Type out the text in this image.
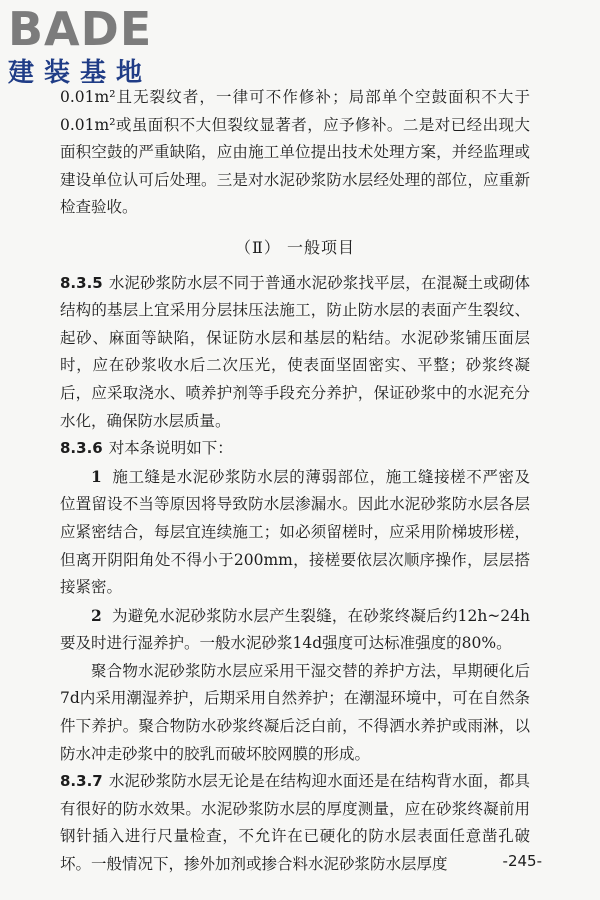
BADE
建装基地

0.01m²且无裂纹者，一律可不作修补；局部单个空鼓面积不大于0.01m²或虽面积不大但裂纹显著者，应予修补。二是对已经出现大面积空鼓的严重缺陷，应由施工单位提出技术处理方案，并经监理或建设单位认可后处理。三是对水泥砂浆防水层经处理的部位，应重新检查验收。

（Ⅱ） 一般项目

8.3.5 水泥砂浆防水层不同于普通水泥砂浆找平层，在混凝土或砌体结构的基层上宜采用分层抹压法施工，防止防水层的表面产生裂纹、起砂、麻面等缺陷，保证防水层和基层的粘结。水泥砂浆铺压面层时，应在砂浆收水后二次压光，使表面坚固密实、平整；砂浆终凝后，应采取浇水、喷养护剂等手段充分养护，保证砂浆中的水泥充分水化，确保防水层质量。

8.3.6 对本条说明如下：

1 施工缝是水泥砂浆防水层的薄弱部位，施工缝接槎不严密及位置留设不当等原因将导致防水层渗漏水。因此水泥砂浆防水层各层应紧密结合，每层宜连续施工；如必须留槎时，应采用阶梯坡形槎，但离开阴阳角处不得小于200mm，接槎要依层次顺序操作，层层搭接紧密。

2 为避免水泥砂浆防水层产生裂缝，在砂浆终凝后约12h~24h要及时进行湿养护。一般水泥砂浆14d强度可达标准强度的80%。

聚合物水泥砂浆防水层应采用干湿交替的养护方法，早期硬化后7d内采用潮湿养护，后期采用自然养护；在潮湿环境中，可在自然条件下养护。聚合物防水砂浆终凝后泛白前，不得洒水养护或雨淋，以防水冲走砂浆中的胶乳而破坏胶网膜的形成。

8.3.7 水泥砂浆防水层无论是在结构迎水面还是在结构背水面，都具有很好的防水效果。水泥砂浆防水层的厚度测量，应在砂浆终凝前用钢针插入进行尺量检查，不允许在已硬化的防水层表面任意凿孔破坏。一般情况下，掺外加剂或掺合料水泥砂浆防水层厚度	-245-
